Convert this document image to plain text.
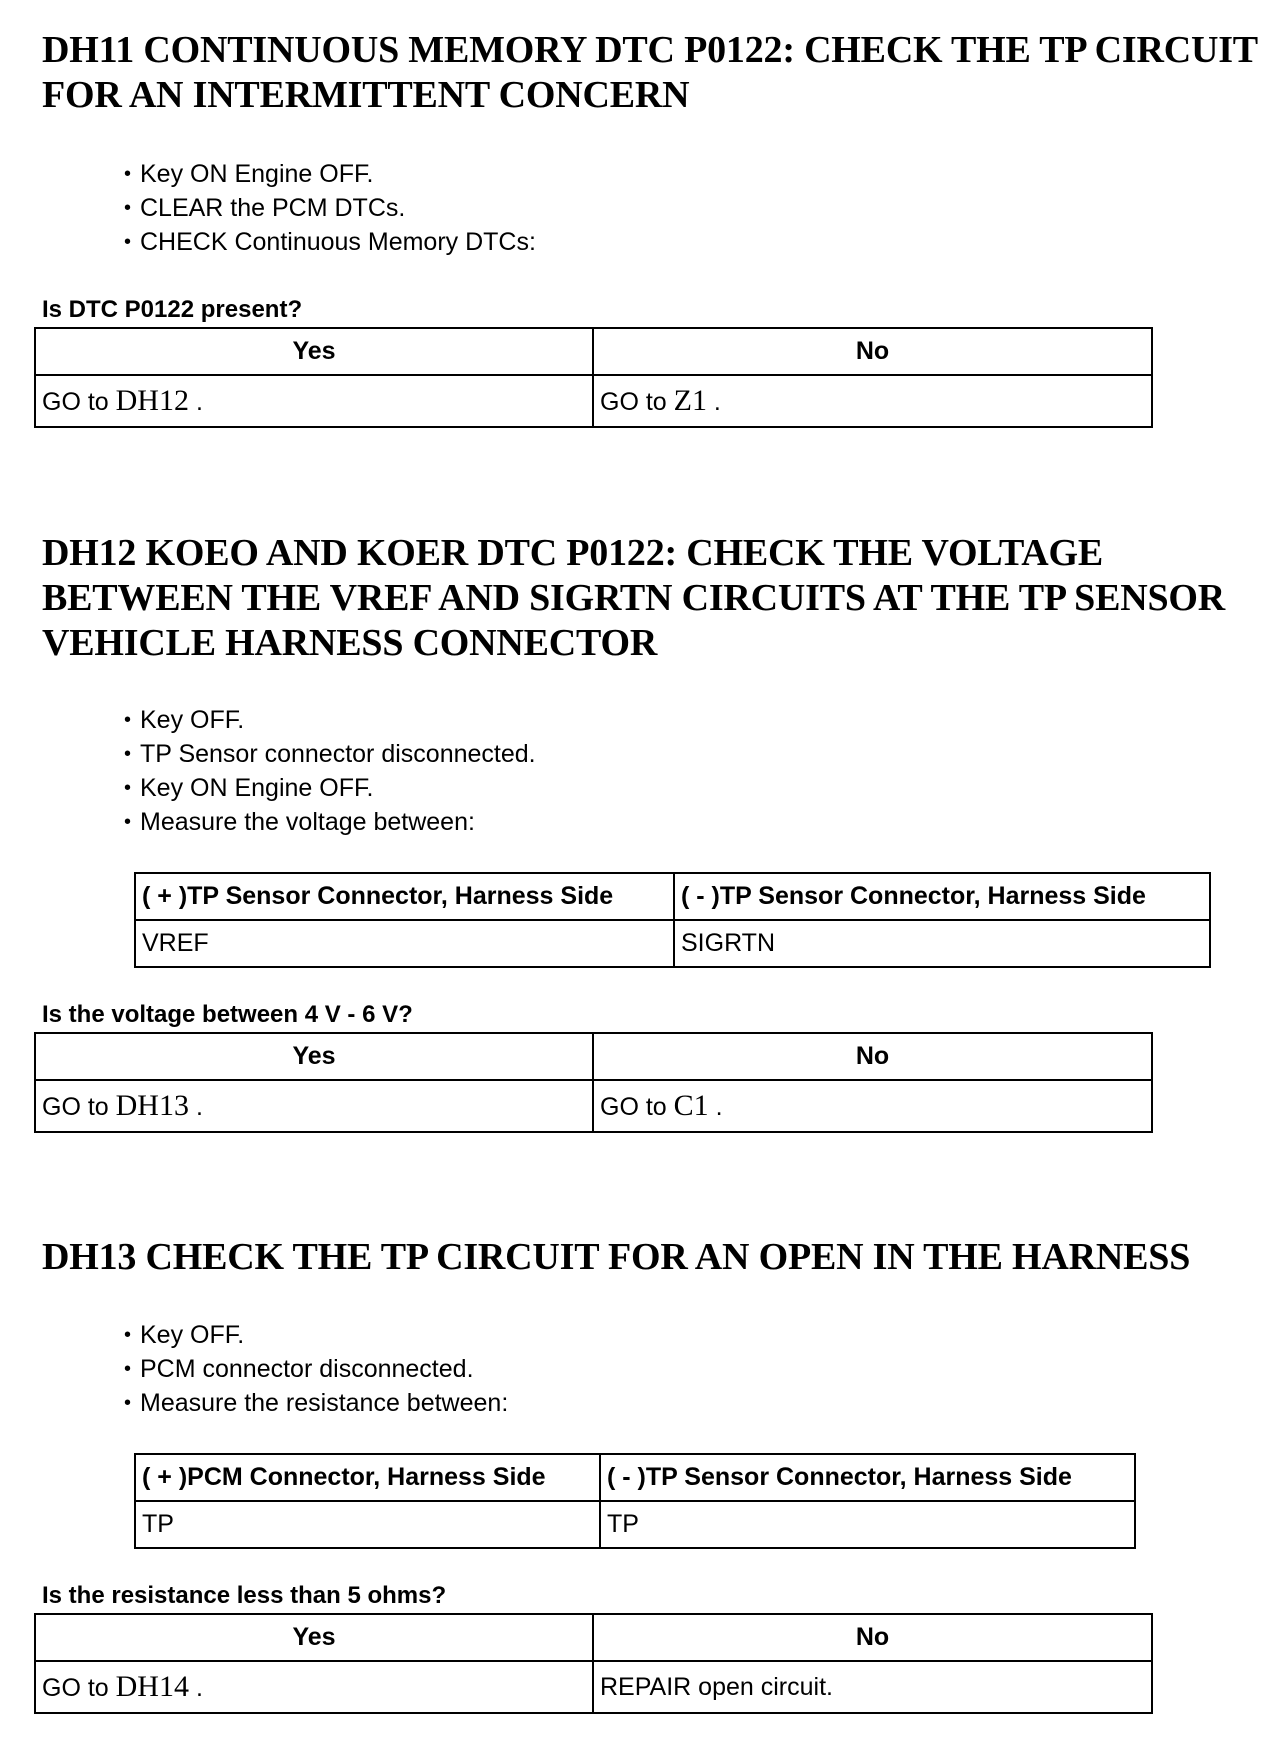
DH11 CONTINUOUS MEMORY DTC P0122: CHECK THE TP CIRCUIT FOR AN INTERMITTENT CONCERN
• Key ON Engine OFF.
• CLEAR the PCM DTCs.
• CHECK Continuous Memory DTCs:
Is DTC P0122 present?
Yes	No
GO to DH12 .	GO to Z1 .
DH12 KOEO AND KOER DTC P0122: CHECK THE VOLTAGE BETWEEN THE VREF AND SIGRTN CIRCUITS AT THE TP SENSOR VEHICLE HARNESS CONNECTOR
• Key OFF.
• TP Sensor connector disconnected.
• Key ON Engine OFF.
• Measure the voltage between:
( + )TP Sensor Connector, Harness Side	( - )TP Sensor Connector, Harness Side
VREF	SIGRTN
Is the voltage between 4 V - 6 V?
Yes	No
GO to DH13 .	GO to C1 .
DH13 CHECK THE TP CIRCUIT FOR AN OPEN IN THE HARNESS
• Key OFF.
• PCM connector disconnected.
• Measure the resistance between:
( + )PCM Connector, Harness Side	( - )TP Sensor Connector, Harness Side
TP	TP
Is the resistance less than 5 ohms?
Yes	No
GO to DH14 .	REPAIR open circuit.
